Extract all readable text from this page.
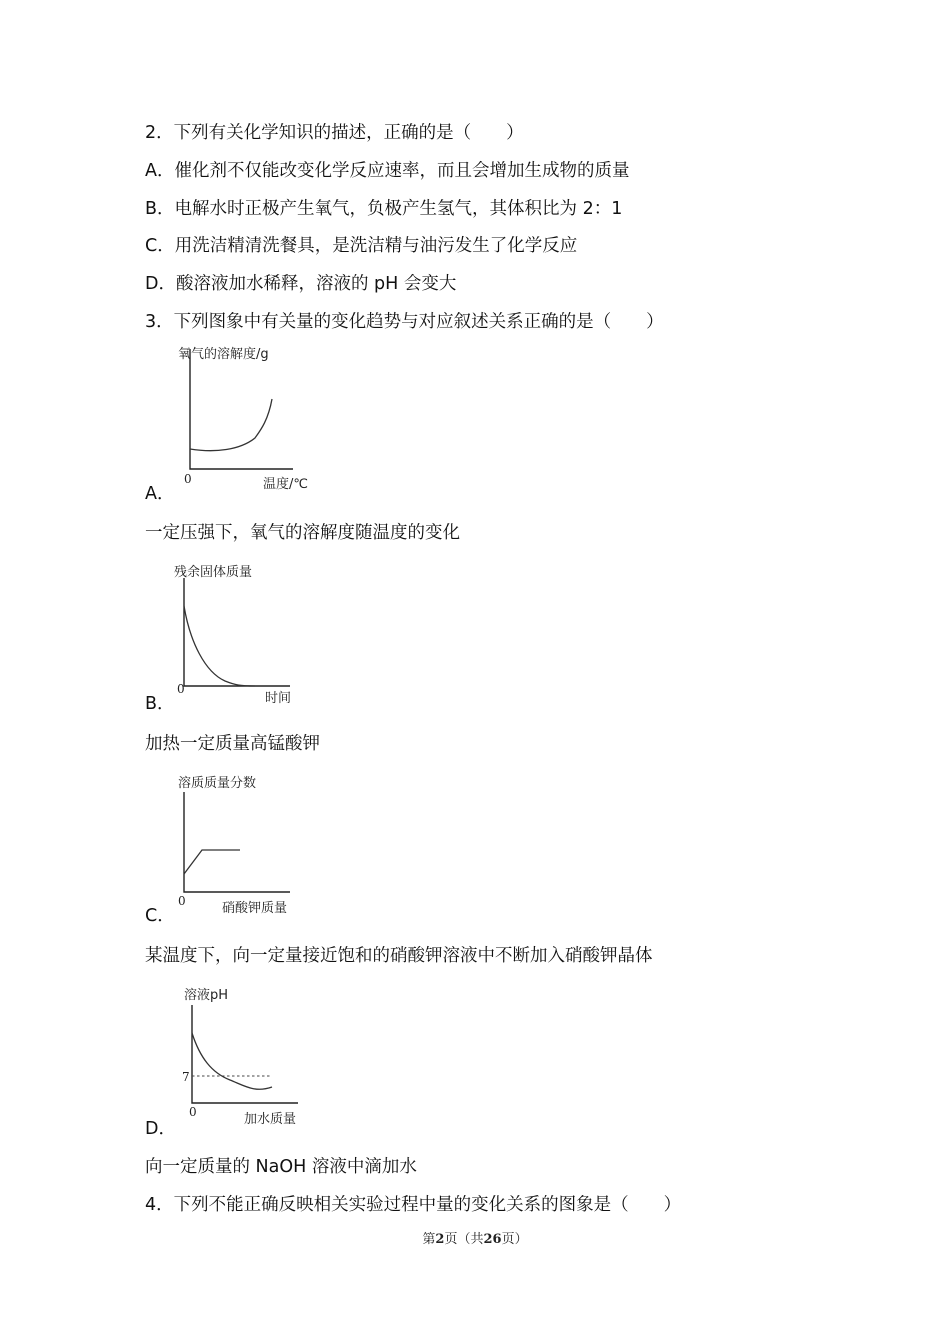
2．下列有关化学知识的描述，正确的是（　　）
A．催化剂不仅能改变化学反应速率，而且会增加生成物的质量
B．电解水时正极产生氧气，负极产生氢气，其体积比为 2：1
C．用洗洁精清洗餐具，是洗洁精与油污发生了化学反应
D．酸溶液加水稀释，溶液的 pH 会变大
3．下列图象中有关量的变化趋势与对应叙述关系正确的是（　　）
氧气的溶解度/g
0	温度/℃
A．
一定压强下，氧气的溶解度随温度的变化
残余固体质量
0
时间
B．
加热一定质量高锰酸钾
溶质质量分数
0	硝酸钾质量
C．
某温度下，向一定量接近饱和的硝酸钾溶液中不断加入硝酸钾晶体
溶液pH
7
0	加水质量
D．
向一定质量的 NaOH 溶液中滴加水
4．下列不能正确反映相关实验过程中量的变化关系的图象是（　　）
第2页（共26页）
